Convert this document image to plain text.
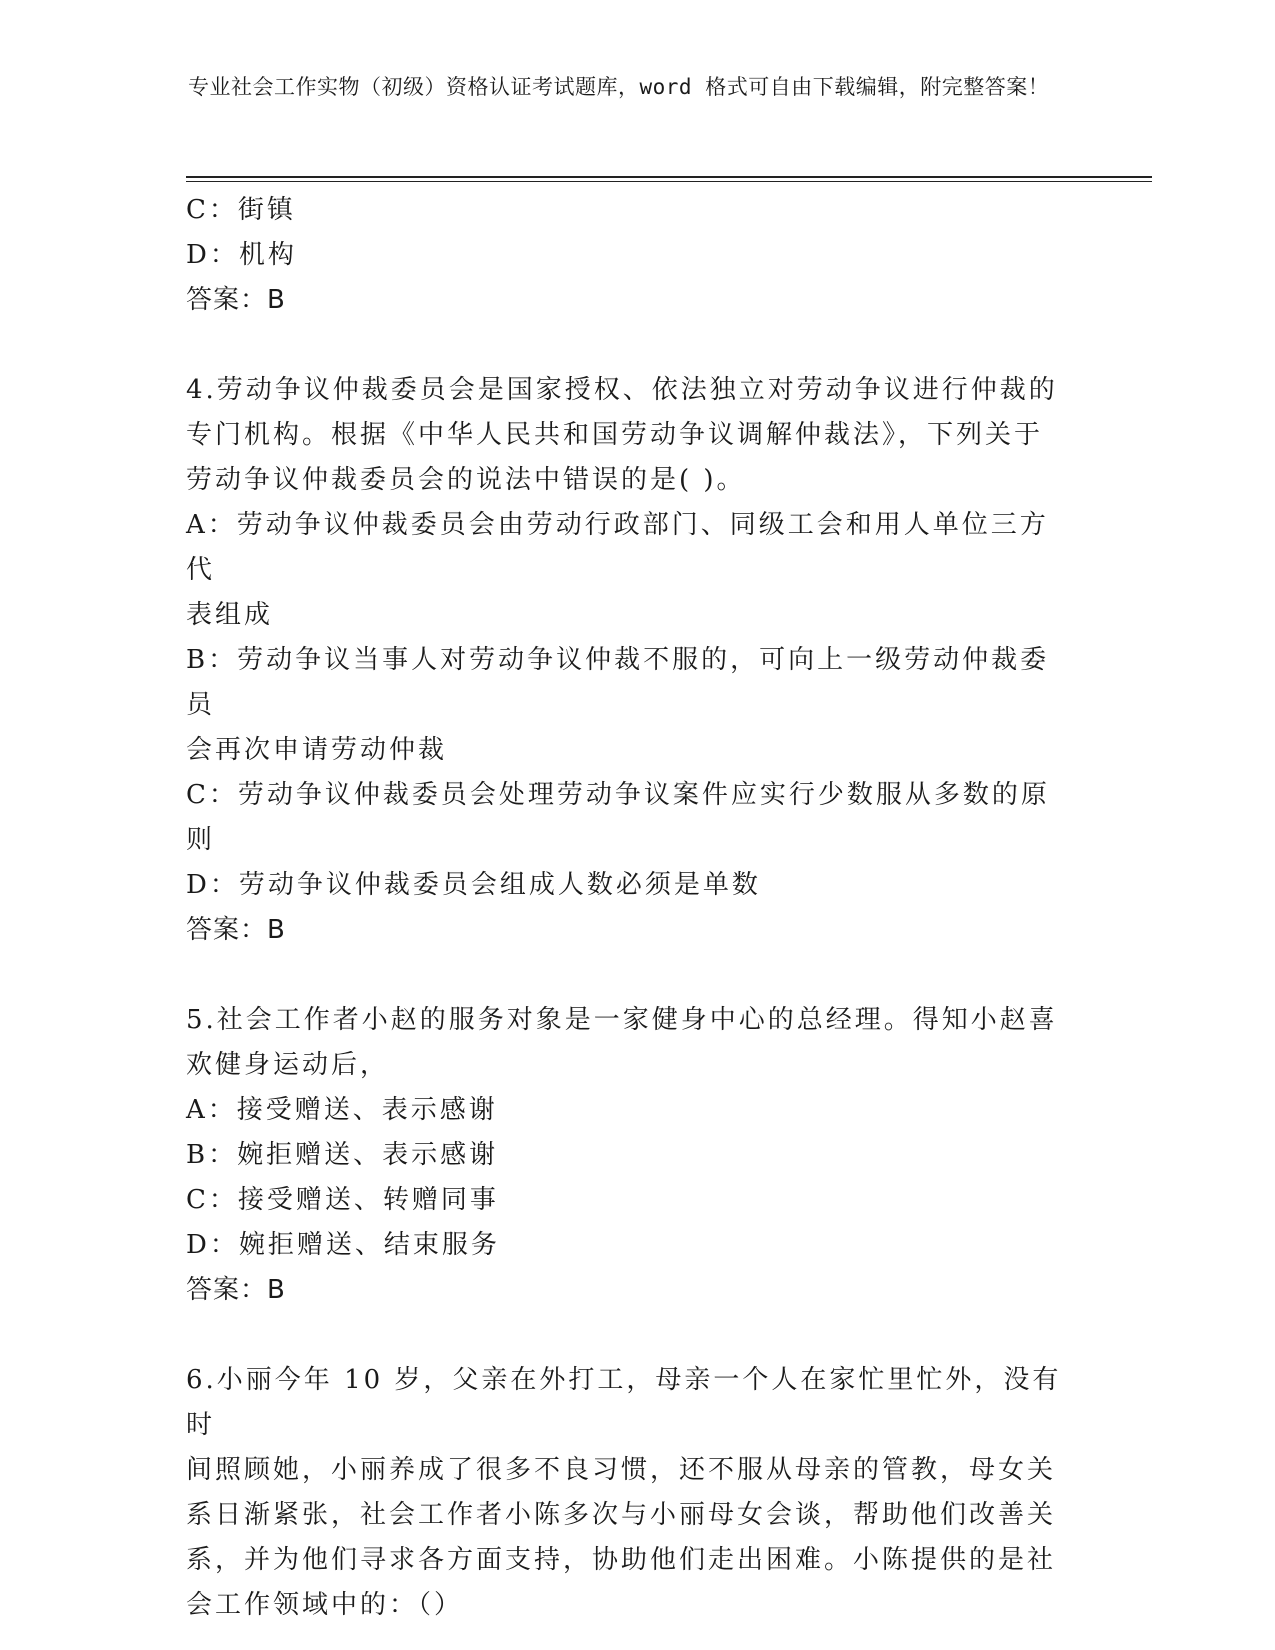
专业社会工作实物（初级）资格认证考试题库，word 格式可自由下载编辑，附完整答案！
C：街镇
D：机构
答案：B
4.劳动争议仲裁委员会是国家授权、依法独立对劳动争议进行仲裁的
专门机构。根据《中华人民共和国劳动争议调解仲裁法》，下列关于
劳动争议仲裁委员会的说法中错误的是( )。
A：劳动争议仲裁委员会由劳动行政部门、同级工会和用人单位三方代
表组成
B：劳动争议当事人对劳动争议仲裁不服的，可向上一级劳动仲裁委员
会再次申请劳动仲裁
C：劳动争议仲裁委员会处理劳动争议案件应实行少数服从多数的原则
D：劳动争议仲裁委员会组成人数必须是单数
答案：B
5.社会工作者小赵的服务对象是一家健身中心的总经理。得知小赵喜
欢健身运动后，
A：接受赠送、表示感谢
B：婉拒赠送、表示感谢
C：接受赠送、转赠同事
D：婉拒赠送、结束服务
答案：B
6.小丽今年 10 岁，父亲在外打工，母亲一个人在家忙里忙外，没有时
间照顾她，小丽养成了很多不良习惯，还不服从母亲的管教，母女关
系日渐紧张，社会工作者小陈多次与小丽母女会谈，帮助他们改善关
系，并为他们寻求各方面支持，协助他们走出困难。小陈提供的是社
会工作领域中的：（）
